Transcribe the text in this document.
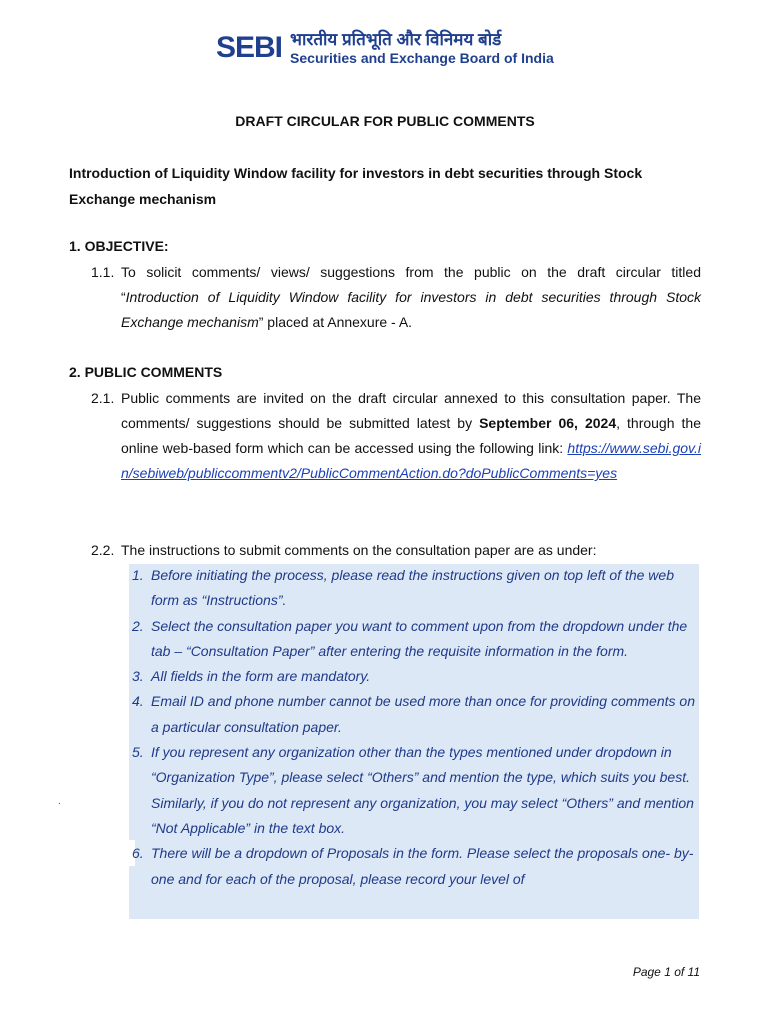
SEBI भारतीय प्रतिभूति और विनिमय बोर्ड
Securities and Exchange Board of India
DRAFT CIRCULAR FOR PUBLIC COMMENTS
Introduction of Liquidity Window facility for investors in debt securities through Stock Exchange mechanism
1. OBJECTIVE:
1.1. To solicit comments/ views/ suggestions from the public on the draft circular titled “Introduction of Liquidity Window facility for investors in debt securities through Stock Exchange mechanism” placed at Annexure - A.
2. PUBLIC COMMENTS
2.1. Public comments are invited on the draft circular annexed to this consultation paper. The comments/ suggestions should be submitted latest by September 06, 2024, through the online web-based form which can be accessed using the following link: https://www.sebi.gov.in/sebiweb/publiccommentv2/PublicCommentAction.do?doPublicComments=yes
2.2. The instructions to submit comments on the consultation paper are as under:
1. Before initiating the process, please read the instructions given on top left of the web form as “Instructions”.
2. Select the consultation paper you want to comment upon from the dropdown under the tab – “Consultation Paper” after entering the requisite information in the form.
3. All fields in the form are mandatory.
4. Email ID and phone number cannot be used more than once for providing comments on a particular consultation paper.
5. If you represent any organization other than the types mentioned under dropdown in “Organization Type”, please select “Others” and mention the type, which suits you best. Similarly, if you do not represent any organization, you may select “Others” and mention “Not Applicable” in the text box.
6. There will be a dropdown of Proposals in the form. Please select the proposals one- by-one and for each of the proposal, please record your level of
.
Page 1 of 11
